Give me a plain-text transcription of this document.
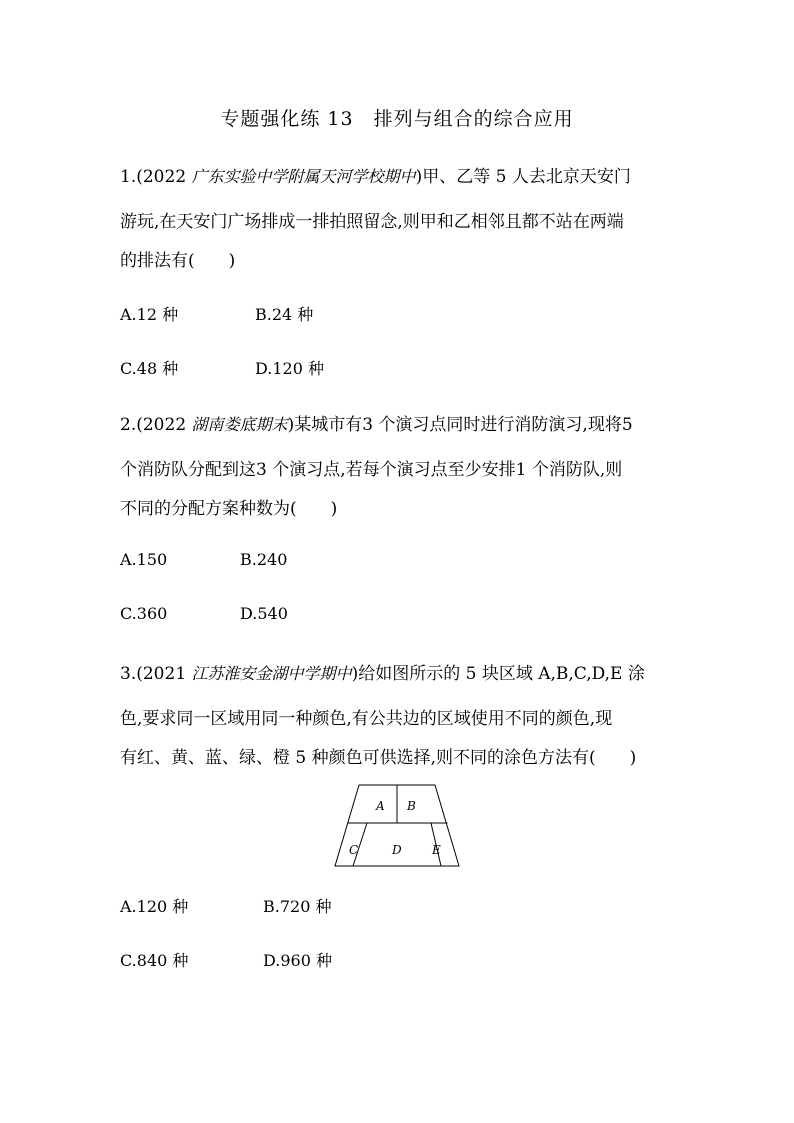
专题强化练 13　排列与组合的综合应用
1.(2022 广东实验中学附属天河学校期中)甲、乙等 5 人去北京天安门
游玩,在天安门广场排成一排拍照留念,则甲和乙相邻且都不站在两端
的排法有(　　)
A.12 种	B.24 种
C.48 种	D.120 种
2.(2022 湖南娄底期末)某城市有3 个演习点同时进行消防演习,现将5
个消防队分配到这3 个演习点,若每个演习点至少安排1 个消防队,则
不同的分配方案种数为(　　)
A.150	B.240
C.360	D.540
3.(2021 江苏淮安金湖中学期中)给如图所示的 5 块区域 A,B,C,D,E 涂
色,要求同一区域用同一种颜色,有公共边的区域使用不同的颜色,现
有红、黄、蓝、绿、橙 5 种颜色可供选择,则不同的涂色方法有(　　)
A B
C	D	E
A.120 种	B.720 种
C.840 种	D.960 种
